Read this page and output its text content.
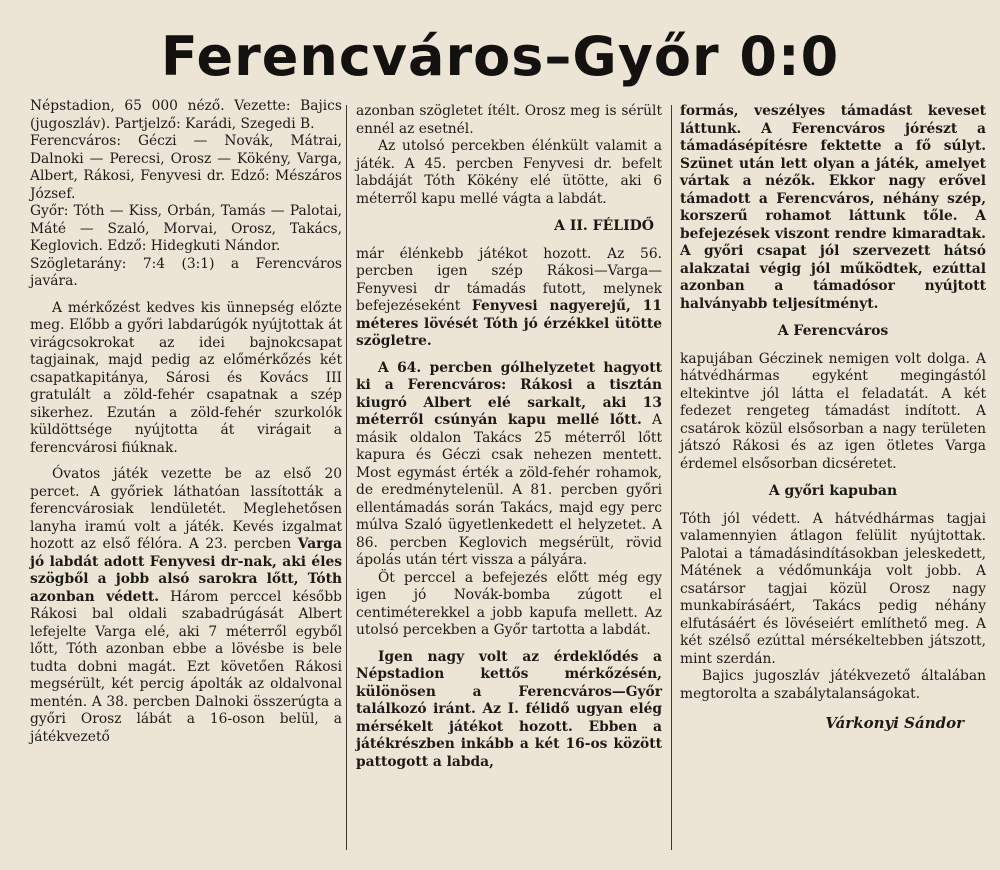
Ferencváros–Győr 0:0

Népstadion, 65 000 néző. Vezette: Bajics (jugoszláv). Partjelző: Karádi, Szegedi B.

Ferencváros: Géczi — Novák, Mátrai, Dalnoki — Perecsi, Orosz — Kökény, Varga, Albert, Rákosi, Fenyvesi dr. Edző: Mészáros József.

Győr: Tóth — Kiss, Orbán, Tamás — Palotai, Máté — Szaló, Morvai, Orosz, Takács, Keglovich. Edző: Hidegkuti Nándor.

Szögletarány: 7:4 (3:1) a Ferencváros javára.

A mérkőzést kedves kis ünnepség előzte meg. Előbb a győri labdarúgók nyújtottak át virágcsokrokat az idei bajnokcsapat tagjainak, majd pedig az előmérkőzés két csapatkapitánya, Sárosi és Kovács III gratulált a zöld-fehér csapatnak a szép sikerhez. Ezután a zöld-fehér szurkolók küldöttsége nyújtotta át virágait a ferencvárosi fiúknak.

Óvatos játék vezette be az első 20 percet. A győriek láthatóan lassították a ferencvárosiak lendületét. Meglehetősen lanyha iramú volt a játék. Kevés izgalmat hozott az első félóra. A 23. percben Varga jó labdát adott Fenyvesi dr-nak, aki éles szögből a jobb alsó sarokra lőtt, Tóth azonban védett. Három perccel később Rákosi bal oldali szabadrúgását Albert lefejelte Varga elé, aki 7 méterről egyből lőtt, Tóth azonban ebbe a lövésbe is bele tudta dobni magát. Ezt követően Rákosi megsérült, két percig ápolták az oldalvonal mentén. A 38. percben Dalnoki összerúgta a győri Orosz lábát a 16-oson belül, a játékvezető

azonban szögletet ítélt. Orosz meg is sérült ennél az esetnél.

Az utolsó percekben élénkült valamit a játék. A 45. percben Fenyvesi dr. befelt labdáját Tóth Kökény elé ütötte, aki 6 méterről kapu mellé vágta a labdát.

A II. FÉLIDŐ

már élénkebb játékot hozott. Az 56. percben igen szép Rákosi—Varga—Fenyvesi dr támadás futott, melynek befejezéseként Fenyvesi nagyerejű, 11 méteres lövését Tóth jó érzékkel ütötte szögletre.

A 64. percben gólhelyzetet hagyott ki a Ferencváros: Rákosi a tisztán kiugró Albert elé sarkalt, aki 13 méterről csúnyán kapu mellé lőtt. A másik oldalon Takács 25 méterről lőtt kapura és Géczi csak nehezen mentett. Most egymást érték a zöld-fehér rohamok, de eredménytelenül. A 81. percben győri ellentámadás során Takács, majd egy perc múlva Szaló ügyetlenkedett el helyzetet. A 86. percben Keglovich megsérült, rövid ápolás után tért vissza a pályára.

Öt perccel a befejezés előtt még egy igen jó Novák-bomba zúgott el centiméterekkel a jobb kapufa mellett. Az utolsó percekben a Győr tartotta a labdát.

Igen nagy volt az érdeklődés a Népstadion kettős mérkőzésén, különösen a Ferencváros—Győr találkozó iránt. Az I. félidő ugyan elég mérsékelt játékot hozott. Ebben a játékrészben inkább a két 16-os között pattogott a labda,

formás, veszélyes támadást keveset láttunk. A Ferencváros jórészt a támadásépítésre fektette a fő súlyt. Szünet után lett olyan a játék, amelyet vártak a nézők. Ekkor nagy erővel támadott a Ferencváros, néhány szép, korszerű rohamot láttunk tőle. A befejezések viszont rendre kimaradtak. A győri csapat jól szervezett hátsó alakzatai végig jól működtek, ezúttal azonban a támadósor nyújtott halványabb teljesítményt.

A Ferencváros

kapujában Géczinek nemigen volt dolga. A hátvédhármas egyként megingástól eltekintve jól látta el feladatát. A két fedezet rengeteg támadást indított. A csatárok közül elsősorban a nagy területen játszó Rákosi és az igen ötletes Varga érdemel elsősorban dicséretet.

A győri kapuban

Tóth jól védett. A hátvédhármas tagjai valamennyien átlagon felülit nyújtottak. Palotai a támadásindításokban jeleskedett, Mátének a védőmunkája volt jobb. A csatársor tagjai közül Orosz nagy munkabírásáért, Takács pedig néhány elfutásáért és lövéseiért említhető meg. A két szélső ezúttal mérsékeltebben játszott, mint szerdán.

Bajics jugoszláv játékvezető általában megtorolta a szabálytalanságokat.

Várkonyi Sándor
